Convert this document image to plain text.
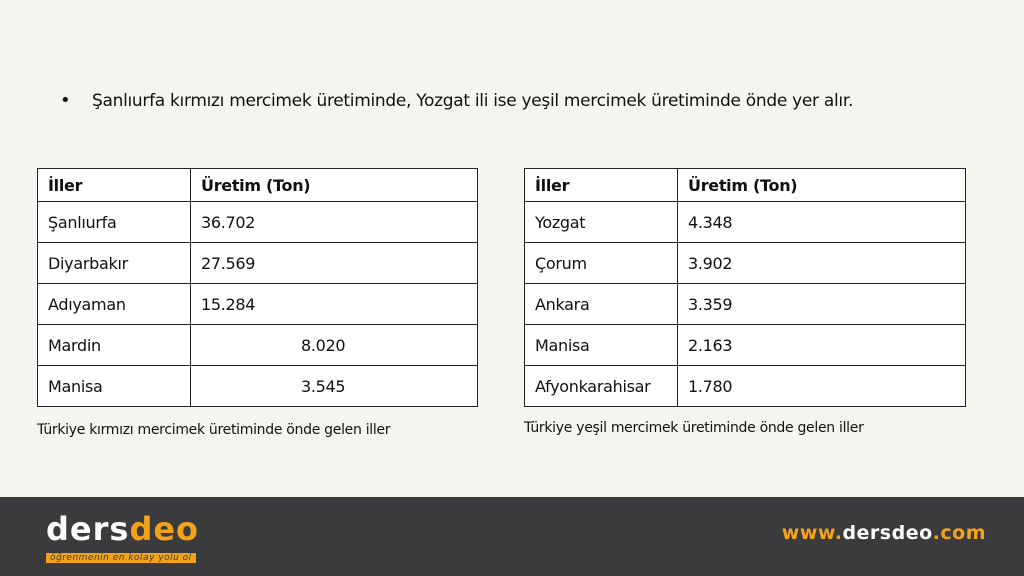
•	Şanlıurfa kırmızı mercimek üretiminde, Yozgat ili ise yeşil mercimek üretiminde önde yer alır.
İller	Üretim (Ton)
Şanlıurfa	36.702
Diyarbakır	27.569
Adıyaman	15.284
Mardin	8.020
Manisa	3.545
Türkiye kırmızı mercimek üretiminde önde gelen iller
İller	Üretim (Ton)
Yozgat	4.348
Çorum	3.902
Ankara	3.359
Manisa	2.163
Afyonkarahisar	1.780
Türkiye yeşil mercimek üretiminde önde gelen iller
dersdeo
öğrenmenin en kolay yolu ol
www.dersdeo.com
